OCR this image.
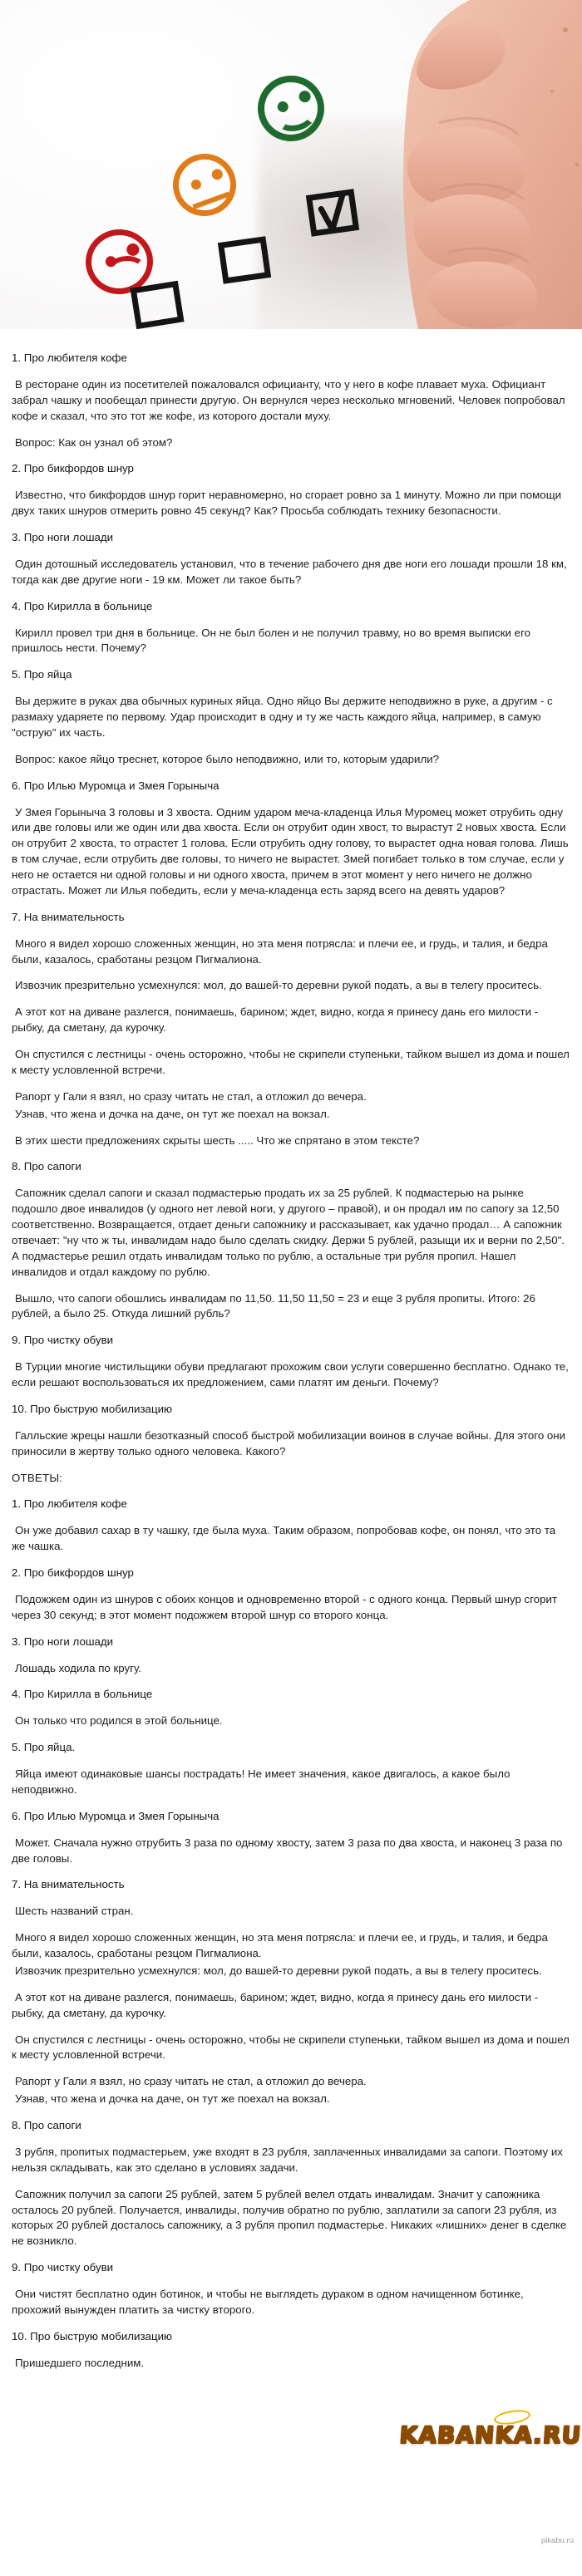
1. Про любителя кофе

В ресторане один из посетителей пожаловался официанту, что у него в кофе плавает муха. Официант забрал чашку и пообещал принести другую. Он вернулся через несколько мгновений. Человек попробовал кофе и сказал, что это тот же кофе, из которого достали муху.

Вопрос: Как он узнал об этом?

2. Про бикфордов шнур

Известно, что бикфордов шнур горит неравномерно, но сгорает ровно за 1 минуту. Можно ли при помощи двух таких шнуров отмерить ровно 45 секунд? Как? Просьба соблюдать технику безопасности.

3. Про ноги лошади

Один дотошный исследователь установил, что в течение рабочего дня две ноги его лошади прошли 18 км, тогда как две другие ноги - 19 км. Может ли такое быть?

4. Про Кирилла в больнице

Кирилл провел три дня в больнице. Он не был болен и не получил травму, но во время выписки его пришлось нести. Почему?

5. Про яйца

Вы держите в руках два обычных куриных яйца. Одно яйцо Вы держите неподвижно в руке, а другим - с размаху ударяете по первому. Удар происходит в одну и ту же часть каждого яйца, например, в самую "острую" их часть.

Вопрос: какое яйцо треснет, которое было неподвижно, или то, которым ударили?

6. Про Илью Муромца и Змея Горыныча

У Змея Горыныча 3 головы и 3 хвоста. Одним ударом меча-кладенца Илья Муромец может отрубить одну или две головы или же один или два хвоста. Если он отрубит один хвост, то вырастут 2 новых хвоста. Если он отрубит 2 хвоста, то отрастет 1 голова. Если отрубить одну голову, то вырастет одна новая голова. Лишь в том случае, если отрубить две головы, то ничего не вырастет. Змей погибает только в том случае, если у него не остается ни одной головы и ни одного хвоста, причем в этот момент у него ничего не должно отрастать. Может ли Илья победить, если у меча-кладенца есть заряд всего на девять ударов?

7. На внимательность

Много я видел хорошо сложенных женщин, но эта меня потрясла: и плечи ее, и грудь, и талия, и бедра были, казалось, сработаны резцом Пигмалиона.

Извозчик презрительно усмехнулся: мол, до вашей-то деревни рукой подать, а вы в телегу проситесь.

А этот кот на диване разлегся, понимаешь, барином; ждет, видно, когда я принесу дань его милости - рыбку, да сметану, да курочку.

Он спустился с лестницы - очень осторожно, чтобы не скрипели ступеньки, тайком вышел из дома и пошел к месту условленной встречи.

Рапорт у Гали я взял, но сразу читать не стал, а отложил до вечера.

Узнав, что жена и дочка на даче, он тут же поехал на вокзал.

В этих шести предложениях скрыты шесть ..... Что же спрятано в этом тексте?

8. Про сапоги

Сапожник сделал сапоги и сказал подмастерью продать их за 25 рублей. К подмастерью на рынке подошло двое инвалидов (у одного нет левой ноги, у другого – правой), и он продал им по сапогу за 12,50 соответственно. Возвращается, отдает деньги сапожнику и рассказывает, как удачно продал… А сапожник отвечает: "ну что ж ты, инвалидам надо было сделать скидку. Держи 5 рублей, разыщи их и верни по 2,50". А подмастерье решил отдать инвалидам только по рублю, а остальные три рубля пропил. Нашел инвалидов и отдал каждому по рублю.

Вышло, что сапоги обошлись инвалидам по 11,50. 11,50 11,50 = 23 и еще 3 рубля пропиты. Итого: 26 рублей, а было 25. Откуда лишний рубль?

9. Про чистку обуви

В Турции многие чистильщики обуви предлагают прохожим свои услуги совершенно бесплатно. Однако те, если решают воспользоваться их предложением, сами платят им деньги. Почему?

10. Про быструю мобилизацию

Галльские жрецы нашли безотказный способ быстрой мобилизации воинов в случае войны. Для этого они приносили в жертву только одного человека. Какого?

ОТВЕТЫ:

1. Про любителя кофе

Он уже добавил сахар в ту чашку, где была муха. Таким образом, попробовав кофе, он понял, что это та же чашка.

2. Про бикфордов шнур

Подожжем один из шнуров с обоих концов и одновременно второй - с одного конца. Первый шнур сгорит через 30 секунд; в этот момент подожжем второй шнур со второго конца.

3. Про ноги лошади

Лошадь ходила по кругу.

4. Про Кирилла в больнице

Он только что родился в этой больнице.

5. Про яйца.

Яйца имеют одинаковые шансы пострадать! Не имеет значения, какое двигалось, а какое было неподвижно.

6. Про Илью Муромца и Змея Горыныча

Может. Сначала нужно отрубить 3 раза по одному хвосту, затем 3 раза по два хвоста, и наконец 3 раза по две головы.

7. На внимательность

Шесть названий стран.

Много я видел хорошо сложенных женщин, но эта меня потрясла: и плечи ее, и грудь, и талия, и бедра были, казалось, сработаны резцом Пигмалиона.

Извозчик презрительно усмехнулся: мол, до вашей-то деревни рукой подать, а вы в телегу проситесь.

А этот кот на диване разлегся, понимаешь, барином; ждет, видно, когда я принесу дань его милости - рыбку, да сметану, да курочку.

Он спустился с лестницы - очень осторожно, чтобы не скрипели ступеньки, тайком вышел из дома и пошел к месту условленной встречи.

Рапорт у Гали я взял, но сразу читать не стал, а отложил до вечера.

Узнав, что жена и дочка на даче, он тут же поехал на вокзал.

8. Про сапоги

3 рубля, пропитых подмастерьем, уже входят в 23 рубля, заплаченных инвалидами за сапоги. Поэтому их нельзя складывать, как это сделано в условиях задачи.

Сапожник получил за сапоги 25 рублей, затем 5 рублей велел отдать инвалидам. Значит у сапожника осталось 20 рублей. Получается, инвалиды, получив обратно по рублю, заплатили за сапоги 23 рубля, из которых 20 рублей досталось сапожнику, а 3 рубля пропил подмастерье. Никаких «лишних» денег в сделке не возникло.

9. Про чистку обуви

Они чистят бесплатно один ботинок, и чтобы не выглядеть дураком в одном начищенном ботинке, прохожий вынужден платить за чистку второго.

10. Про быструю мобилизацию

Пришедшего последним.

KABANKA.RU
pikabu.ru
